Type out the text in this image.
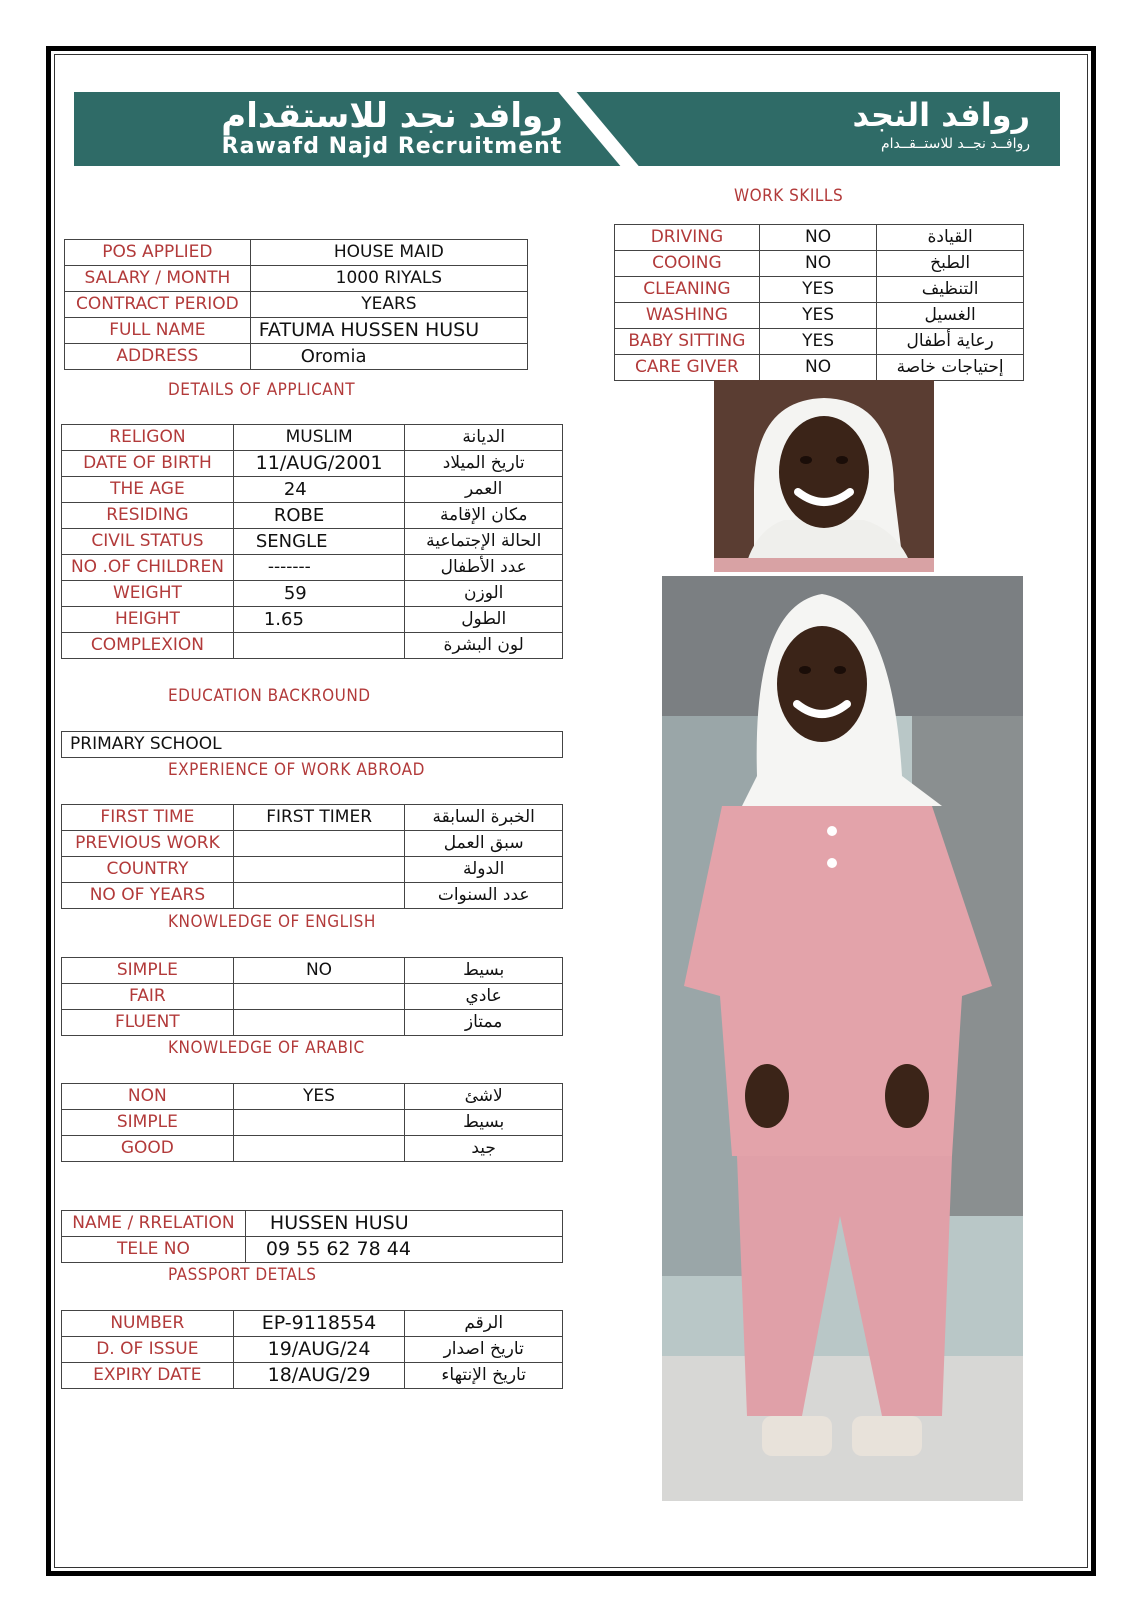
روافد نجد للاستقدام
Rawafd Najd Recruitment
روافد النجد
روافــد نجــد للاستــقــدام
WORK SKILLS
DRIVING	NO	القيادة
COOING	NO	الطبخ
CLEANING	YES	التنظيف
WASHING	YES	الغسيل
BABY SITTING	YES	رعاية أطفال
CARE GIVER	NO	إحتياجات خاصة
POS APPLIED	HOUSE MAID
SALARY / MONTH	1000 RIYALS
CONTRACT PERIOD	YEARS
FULL NAME	FATUMA HUSSEN HUSU
ADDRESS	Oromia
DETAILS OF APPLICANT
RELIGON	MUSLIM	الديانة
DATE OF BIRTH	11/AUG/2001	تاريخ الميلاد
THE AGE	24	العمر
RESIDING	ROBE	مكان الإقامة
CIVIL STATUS	SENGLE	الحالة الإجتماعية
NO .OF CHILDREN	-------	عدد الأطفال
WEIGHT	59	الوزن
HEIGHT	1.65	الطول
COMPLEXION		لون البشرة
EDUCATION BACKROUND
PRIMARY SCHOOL
EXPERIENCE OF WORK ABROAD
FIRST TIME	FIRST TIMER	الخبرة السابقة
PREVIOUS WORK		سبق العمل
COUNTRY		الدولة
NO OF YEARS		عدد السنوات
KNOWLEDGE OF ENGLISH
SIMPLE	NO	بسيط
FAIR		عادي
FLUENT		ممتاز
KNOWLEDGE OF ARABIC
NON	YES	لاشئ
SIMPLE		بسيط
GOOD		جيد
NAME / RRELATION	HUSSEN HUSU
TELE NO	09 55 62 78 44
PASSPORT DETALS
NUMBER	EP-9118554	الرقم
D. OF ISSUE	19/AUG/24	تاريخ اصدار
EXPIRY DATE	18/AUG/29	تاريخ الإنتهاء
